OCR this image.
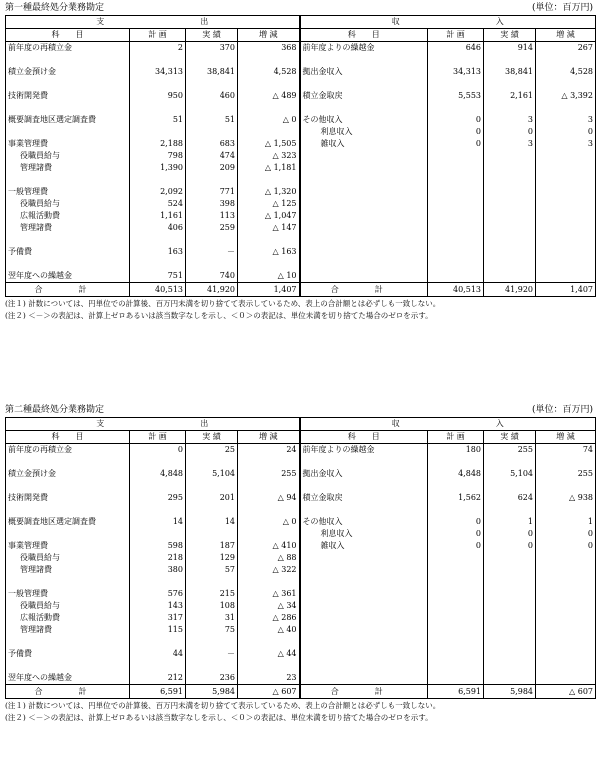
第一種最終処分業務勘定	(単位：百万円)
支　　　　　　　　　　　　出				収　　　　　　　　　　　　入			
科　　目	計 画	実 績	増 減	科　　目	計 画	実 績	増 減
前年度の再積立金	2	370	368	前年度よりの繰越金	646	914	267

積立金預け金	34,313	38,841	4,528	拠出金収入	34,313	38,841	4,528

技術開発費	950	460	△ 489	積立金取戻	5,553	2,161	△ 3,392

概要調査地区選定調査費	51	51	△ 0	その他収入	0	3	3
				利息収入	0	0	0
事業管理費	2,188	683	△ 1,505	雑収入	0	3	3
役職員給与	798	474	△ 323				
管理諸費	1,390	209	△ 1,181				

一般管理費	2,092	771	△ 1,320				
役職員給与	524	398	△ 125				
広報活動費	1,161	113	△ 1,047				
管理諸費	406	259	△ 147				

予備費	163	－	△ 163				

翌年度への繰越金	751	740	△ 10				
合　計	40,513	41,920	1,407	合　計	40,513	41,920	1,407
(注１) 計数については、円単位での計算後、百万円未満を切り捨てて表示しているため、表上の合計額とは必ずしも一致しない。
(注２) ＜－＞の表記は、計算上ゼロあるいは該当数字なしを示し、＜０＞の表記は、単位未満を切り捨てた場合のゼロを示す。
第二種最終処分業務勘定	(単位：百万円)
支　　　　　　　　　　　　出				収　　　　　　　　　　　　入			
科　　目	計 画	実 績	増 減	科　　目	計 画	実 績	増 減
前年度の再積立金	0	25	24	前年度よりの繰越金	180	255	74

積立金預け金	4,848	5,104	255	拠出金収入	4,848	5,104	255

技術開発費	295	201	△ 94	積立金取戻	1,562	624	△ 938

概要調査地区選定調査費	14	14	△ 0	その他収入	0	1	1
				利息収入	0	0	0
事業管理費	598	187	△ 410	雑収入	0	0	0
役職員給与	218	129	△ 88				
管理諸費	380	57	△ 322				

一般管理費	576	215	△ 361				
役職員給与	143	108	△ 34				
広報活動費	317	31	△ 286				
管理諸費	115	75	△ 40				

予備費	44	－	△ 44				

翌年度への繰越金	212	236	23				
合　計	6,591	5,984	△ 607	合　計	6,591	5,984	△ 607
(注１) 計数については、円単位での計算後、百万円未満を切り捨てて表示しているため、表上の合計額とは必ずしも一致しない。
(注２) ＜－＞の表記は、計算上ゼロあるいは該当数字なしを示し、＜０＞の表記は、単位未満を切り捨てた場合のゼロを示す。
